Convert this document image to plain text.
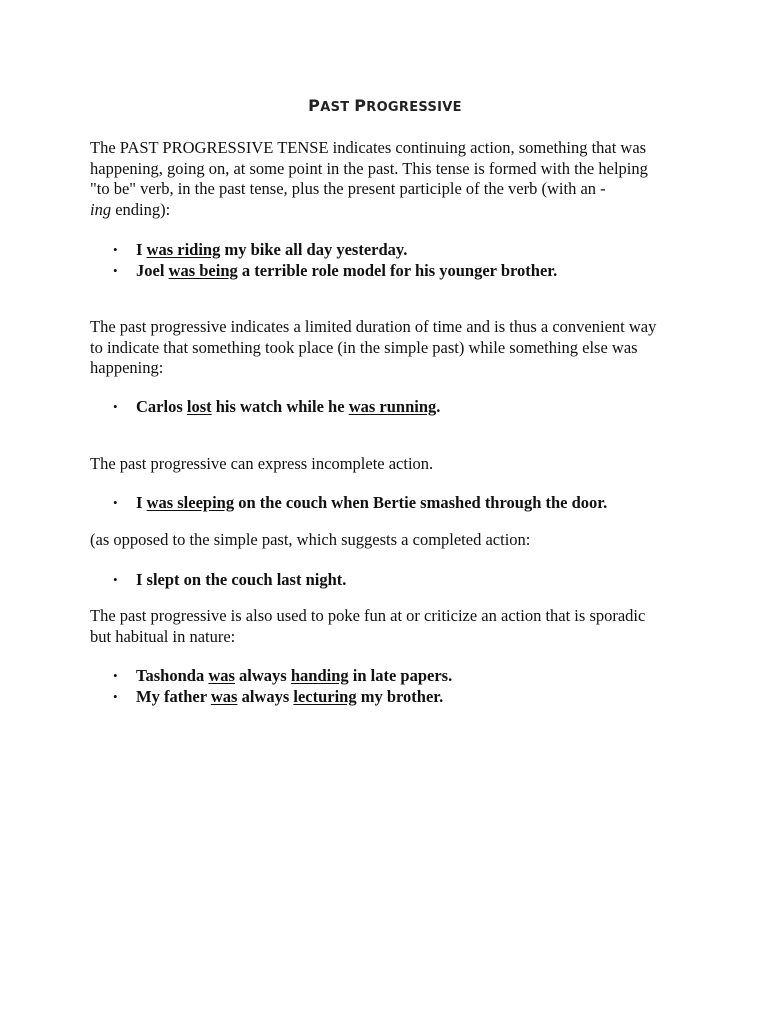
PAST PROGRESSIVE

The PAST PROGRESSIVE TENSE indicates continuing action, something that was
happening, going on, at some point in the past. This tense is formed with the helping
"to be" verb, in the past tense, plus the present participle of the verb (with an -
ing ending):

• I was riding my bike all day yesterday.
• Joel was being a terrible role model for his younger brother.

The past progressive indicates a limited duration of time and is thus a convenient way
to indicate that something took place (in the simple past) while something else was
happening:

• Carlos lost his watch while he was running.

The past progressive can express incomplete action.

• I was sleeping on the couch when Bertie smashed through the door.

(as opposed to the simple past, which suggests a completed action:

• I slept on the couch last night.

The past progressive is also used to poke fun at or criticize an action that is sporadic
but habitual in nature:

• Tashonda was always handing in late papers.
• My father was always lecturing my brother.
